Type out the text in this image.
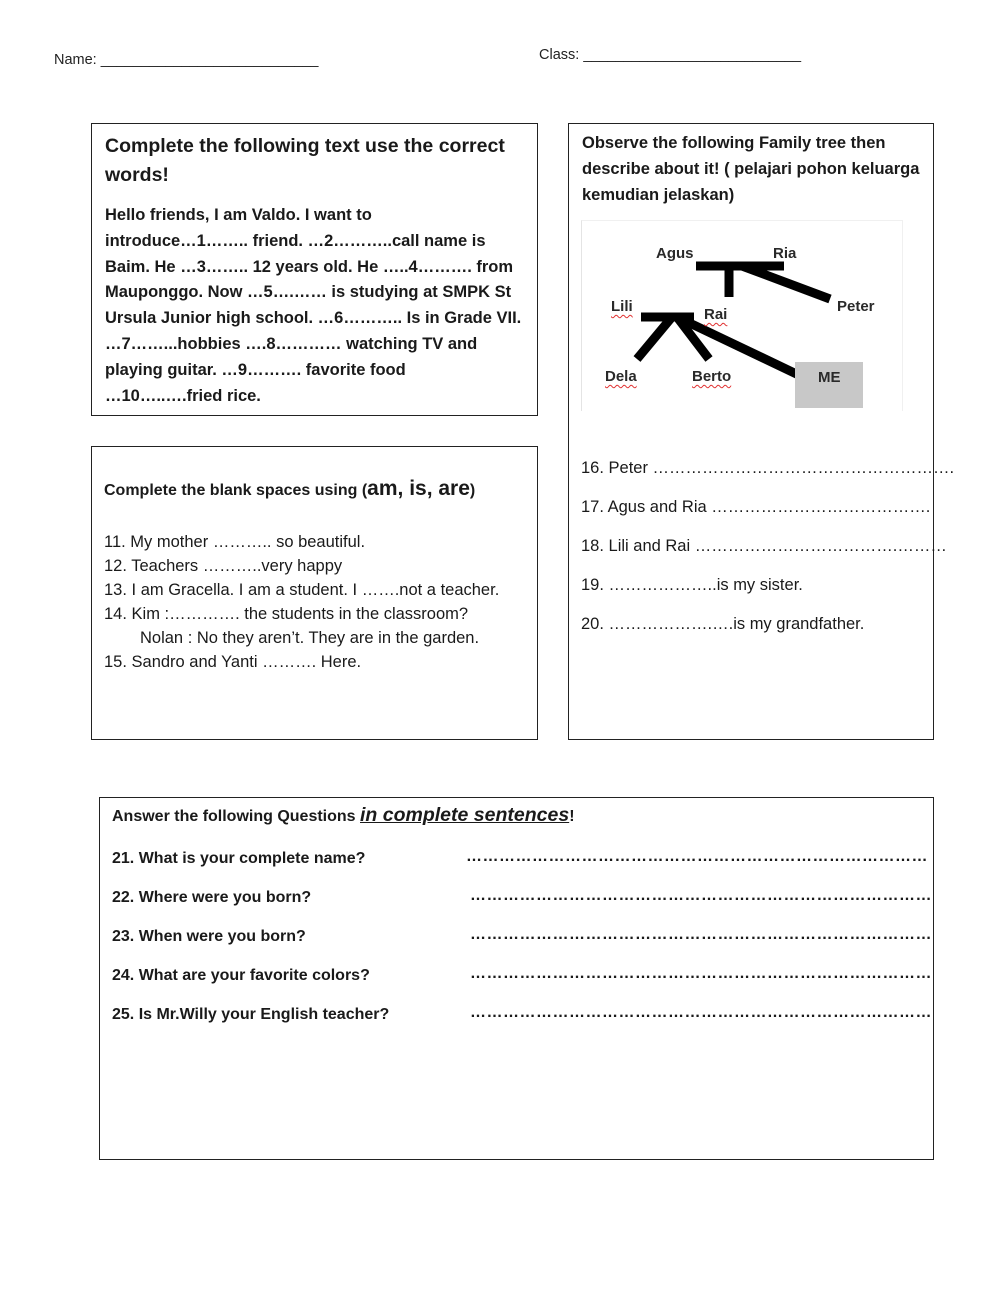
Name: ___________________________	Class: ___________________________
Complete the following text use the correct words!
Hello friends, I am Valdo. I want to
introduce…1…….. friend. …2………..call name is
Baim. He …3…….. 12 years old. He …..4………. from
Mauponggo. Now …5….…… is studying at SMPK St
Ursula Junior high school. …6……….. Is in Grade VII.
…7……...hobbies ….8………… watching TV and
playing guitar. …9………. favorite food
…10…..….fried rice.
Observe the following Family tree then describe about it! ( pelajari pohon keluarga kemudian jelaskan)
Agus	Ria
Peter
Lili	Rai
Dela	Berto	ME
Complete the blank spaces using (am, is, are)
11. My mother ……….. so beautiful.
12. Teachers ………..very happy
13. I am Gracella. I am a student. I …….not a teacher.
14. Kim :…………. the students in the classroom?
Nolan : No they aren’t. They are in the garden.
15. Sandro and Yanti ………. Here.
16. Peter ……………………………………………….
17. Agus and Ria ………………………………….
18. Lili and Rai ……………………………….………
19. ………………..is my sister.
20. ……………….….is my grandfather.
Answer the following Questions in complete sentences!
21. What is your complete name?	…………………………………………………………………………
22. Where were you born?	…………………………………………………………………………
23. When were you born?	…………………………………………………………………………
24. What are your favorite colors?	…………………………………………………………………………
25. Is Mr.Willy your English teacher?	…………………………………………………………………………
